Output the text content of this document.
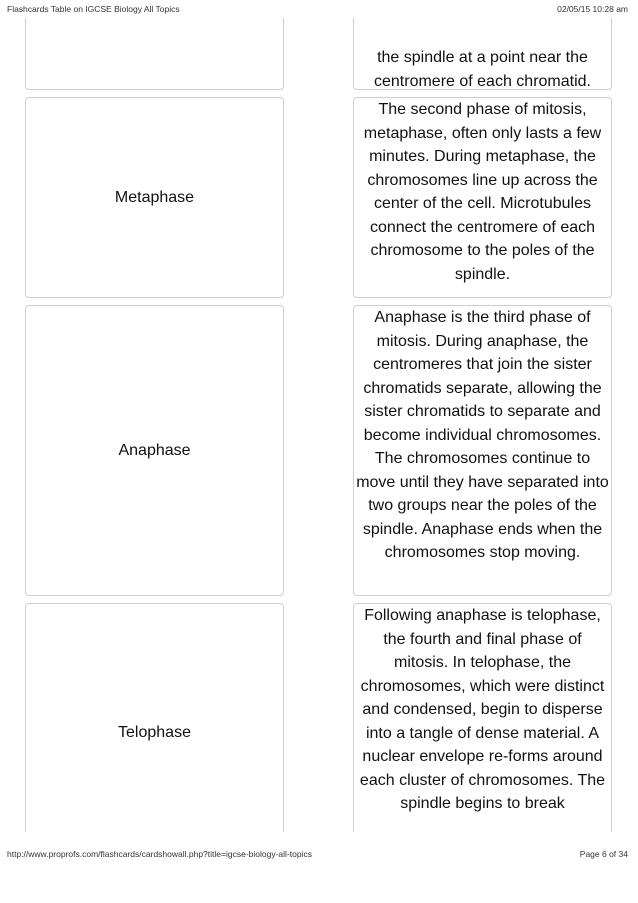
Flashcards Table on IGCSE Biology All Topics	02/05/15 10:28 am
the spindle at a point near the centromere of each chromatid.
Metaphase
The second phase of mitosis, metaphase, often only lasts a few minutes. During metaphase, the chromosomes line up across the center of the cell. Microtubules connect the centromere of each chromosome to the poles of the spindle.
Anaphase
Anaphase is the third phase of mitosis. During anaphase, the centromeres that join the sister chromatids separate, allowing the sister chromatids to separate and become individual chromosomes. The chromosomes continue to move until they have separated into two groups near the poles of the spindle. Anaphase ends when the chromosomes stop moving.
Telophase
Following anaphase is telophase, the fourth and final phase of mitosis. In telophase, the chromosomes, which were distinct and condensed, begin to disperse into a tangle of dense material. A nuclear envelope re-forms around each cluster of chromosomes. The spindle begins to break
http://www.proprofs.com/flashcards/cardshowall.php?title=igcse-biology-all-topics	Page 6 of 34
